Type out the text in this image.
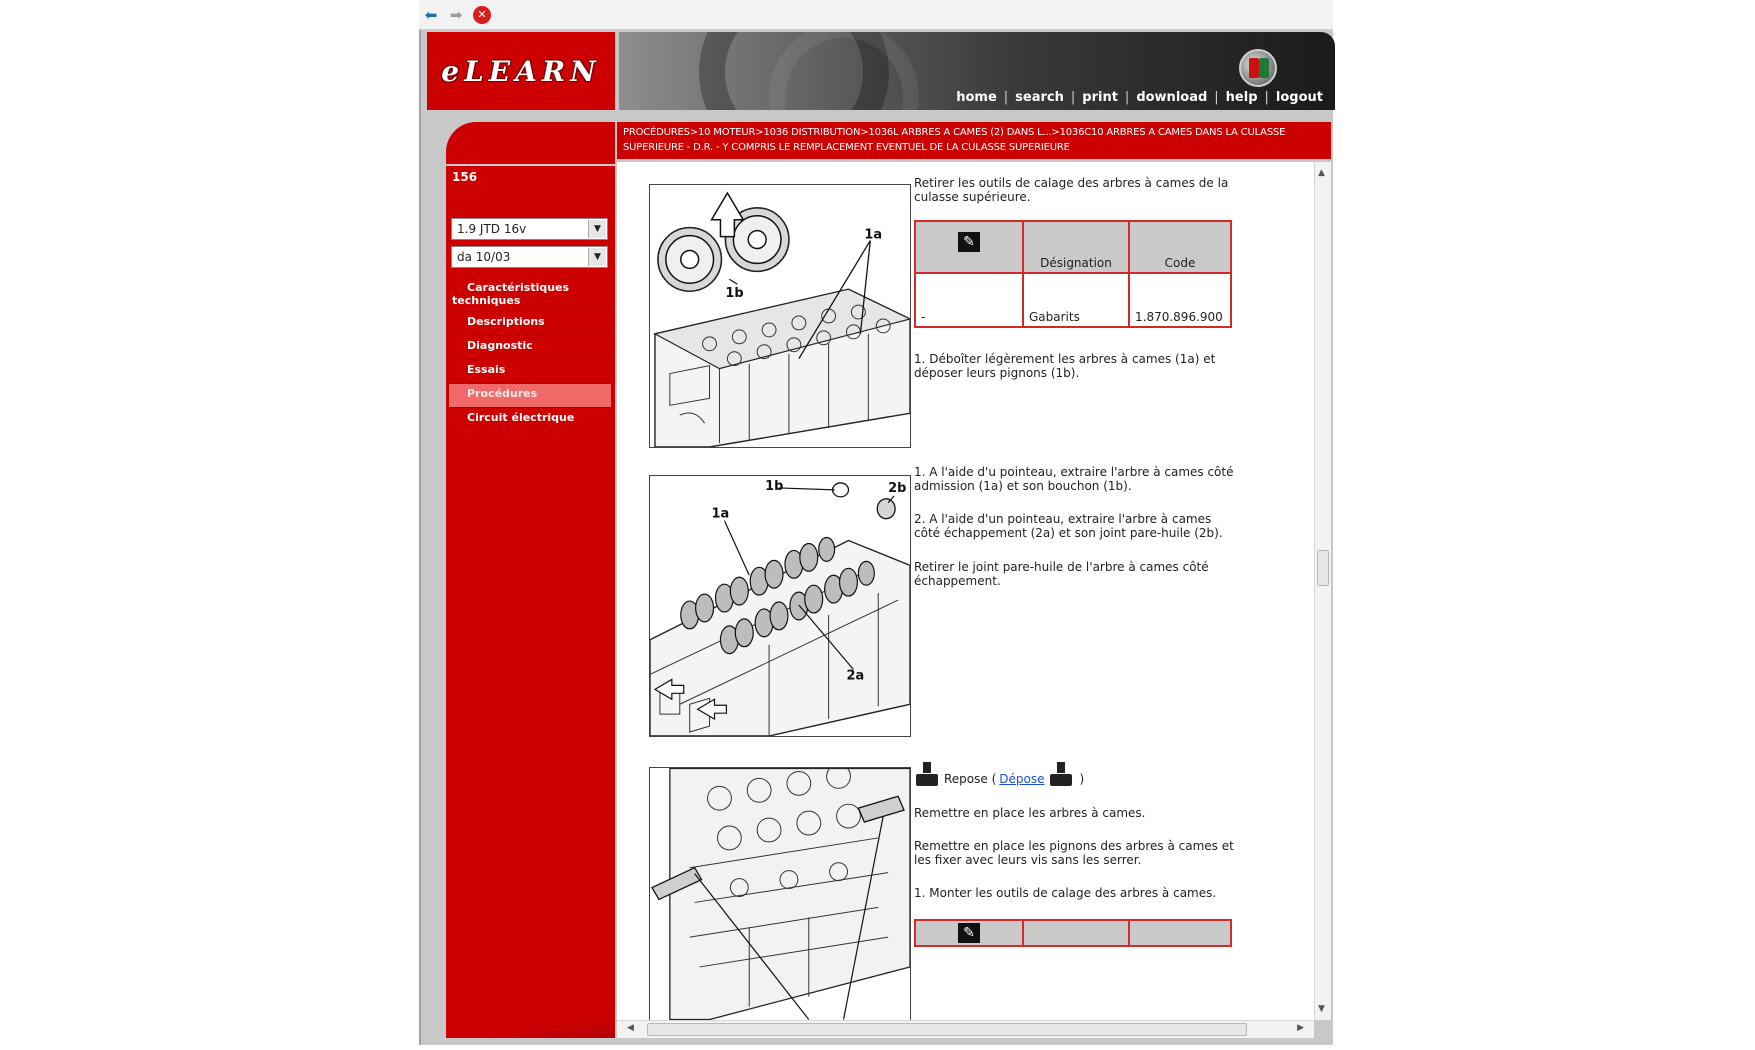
⬅ ➡	✕
eLEARN
home | search | print | download | help | logout
156
1.9 JTD 16v	▼
da 10/03	▼
Caractéristiques techniques
Descriptions
Diagnostic
Essais
Procédures
Circuit électrique
PROCÉDURES>10 MOTEUR>1036 DISTRIBUTION>1036L ARBRES A CAMES (2) DANS L...>1036C10 ARBRES A CAMES DANS LA CULASSE SUPERIEURE - D.R. - Y COMPRIS LE REMPLACEMENT EVENTUEL DE LA CULASSE SUPERIEURE
1a
1b
1b	2b
1a
2a
Retirer les outils de calage des arbres à cames de la culasse supérieure.
✎	Désignation	Code
-	Gabarits	1.870.896.900
1. Déboîter légèrement les arbres à cames (1a) et déposer leurs pignons (1b).
1. A l'aide d'u pointeau, extraire l'arbre à cames côté admission (1a) et son bouchon (1b).
2. A l'aide d'un pointeau, extraire l'arbre à cames côté échappement (2a) et son joint pare-huile (2b).
Retirer le joint pare-huile de l'arbre à cames côté échappement.
Repose ( Dépose	)
Remettre en place les arbres à cames.
Remettre en place les pignons des arbres à cames et les fixer avec leurs vis sans les serrer.
1. Monter les outils de calage des arbres à cames.
✎		
▲
▼
◀	▶
